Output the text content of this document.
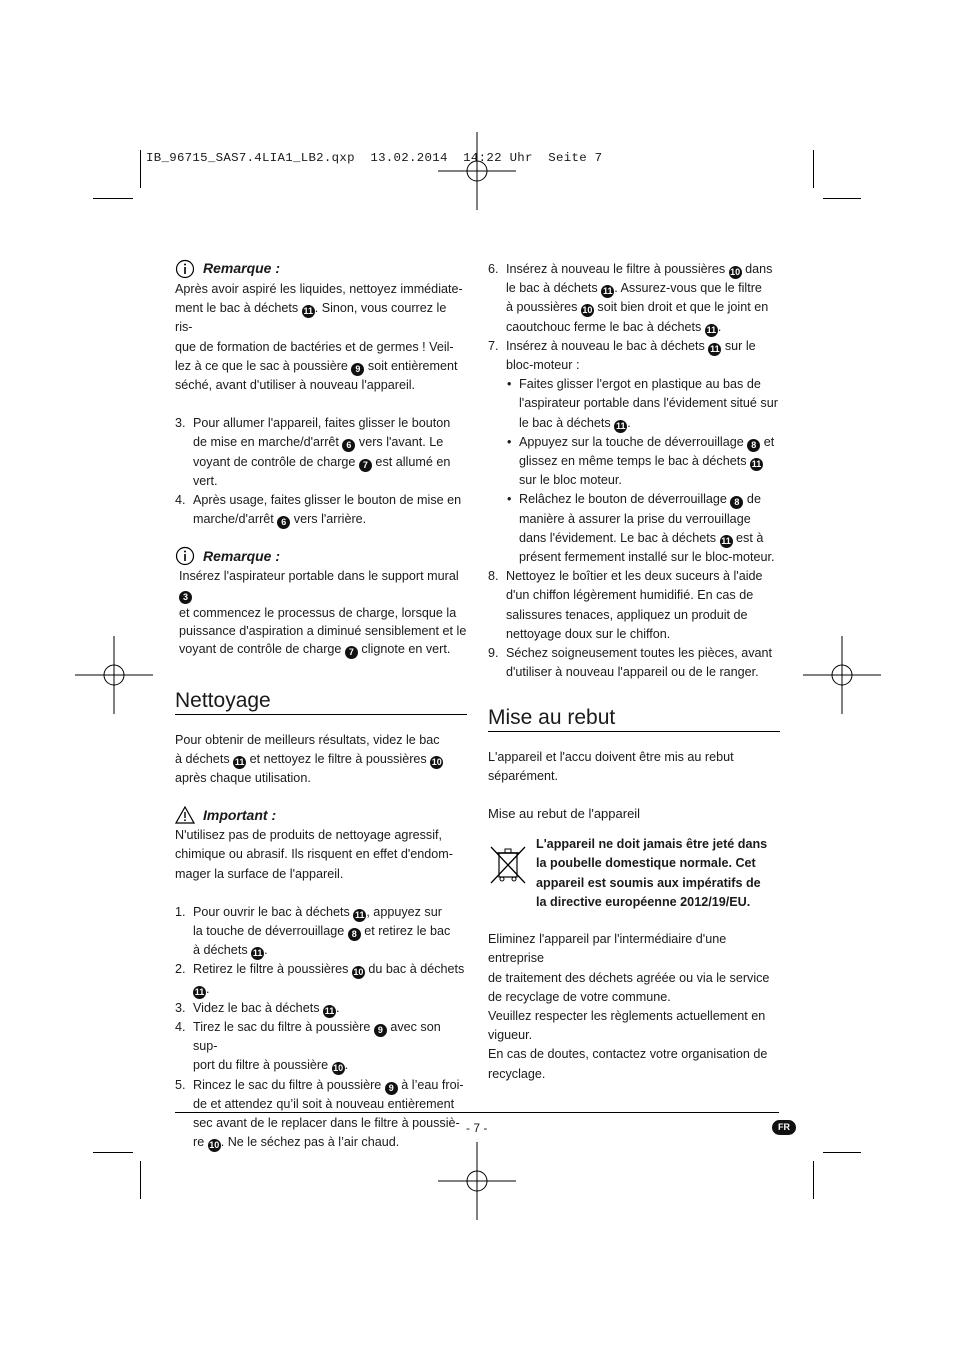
IB_96715_SAS7.4LIA1_LB2.qxp  13.02.2014  14:22 Uhr  Seite 7
Remarque :
Après avoir aspiré les liquides, nettoyez immédiate-
ment le bac à déchets 11 . Sinon, vous courrez le ris-
que de formation de bactéries et de germes ! Veil-
lez à ce que le sac à poussière 9 soit entièrement
séché, avant d'utiliser à nouveau l'appareil.
3. Pour allumer l'appareil, faites glisser le bouton
de mise en marche/d'arrêt 6 vers l'avant. Le
voyant de contrôle de charge 7 est allumé en
vert.
4. Après usage, faites glisser le bouton de mise en
marche/d'arrêt 6 vers l'arrière.
Remarque :
Insérez l'aspirateur portable dans le support mural 3
et commencez le processus de charge, lorsque la
puissance d'aspiration a diminué sensiblement et le
voyant de contrôle de charge 7 clignote en vert.
Nettoyage
Pour obtenir de meilleurs résultats, videz le bac
à déchets 11 et nettoyez le filtre à poussières 10
après chaque utilisation.
Important :
N'utilisez pas de produits de nettoyage agressif,
chimique ou abrasif. Ils risquent en effet d'endom-
mager la surface de l'appareil.
1. Pour ouvrir le bac à déchets 11 , appuyez sur
la touche de déverrouillage 8 et retirez le bac
à déchets 11 .
2. Retirez le filtre à poussières 10 du bac à déchets 11 .
3. Videz le bac à déchets 11 .
4. Tirez le sac du filtre à poussière 9 avec son sup-
port du filtre à poussière 10 .
5. Rincez le sac du filtre à poussière 9 à l’eau froi-
de et attendez qu’il soit à nouveau entièrement
sec avant de le replacer dans le filtre à poussiè-
re 10 . Ne le séchez pas à l’air chaud.
6. Insérez à nouveau le filtre à poussières 10 dans
le bac à déchets 11 . Assurez-vous que le filtre
à poussières 10 soit bien droit et que le joint en
caoutchouc ferme le bac à déchets 11 .
7. Insérez à nouveau le bac à déchets 11 sur le
bloc-moteur :
• Faites glisser l'ergot en plastique au bas de
l'aspirateur portable dans l'évidement situé sur
le bac à déchets 11 .
• Appuyez sur la touche de déverrouillage 8 et
glissez en même temps le bac à déchets 11
sur le bloc moteur.
• Relâchez le bouton de déverrouillage 8 de
manière à assurer la prise du verrouillage
dans l'évidement. Le bac à déchets 11 est à
présent fermement installé sur le bloc-moteur.
8. Nettoyez le boîtier et les deux suceurs à l'aide
d'un chiffon légèrement humidifié. En cas de
salissures tenaces, appliquez un produit de
nettoyage doux sur le chiffon.
9. Séchez soigneusement toutes les pièces, avant
d'utiliser à nouveau l'appareil ou de le ranger.
Mise au rebut
L'appareil et l'accu doivent être mis au rebut
séparément.
Mise au rebut de l'appareil
L'appareil ne doit jamais être jeté dans
la poubelle domestique normale. Cet
appareil est soumis aux impératifs de
la directive européenne 2012/19/EU.
Eliminez l'appareil par l'intermédiaire d'une entreprise
de traitement des déchets agréée ou via le service
de recyclage de votre commune.
Veuillez respecter les règlements actuellement en
vigueur.
En cas de doutes, contactez votre organisation de
recyclage.
- 7 -	FR
